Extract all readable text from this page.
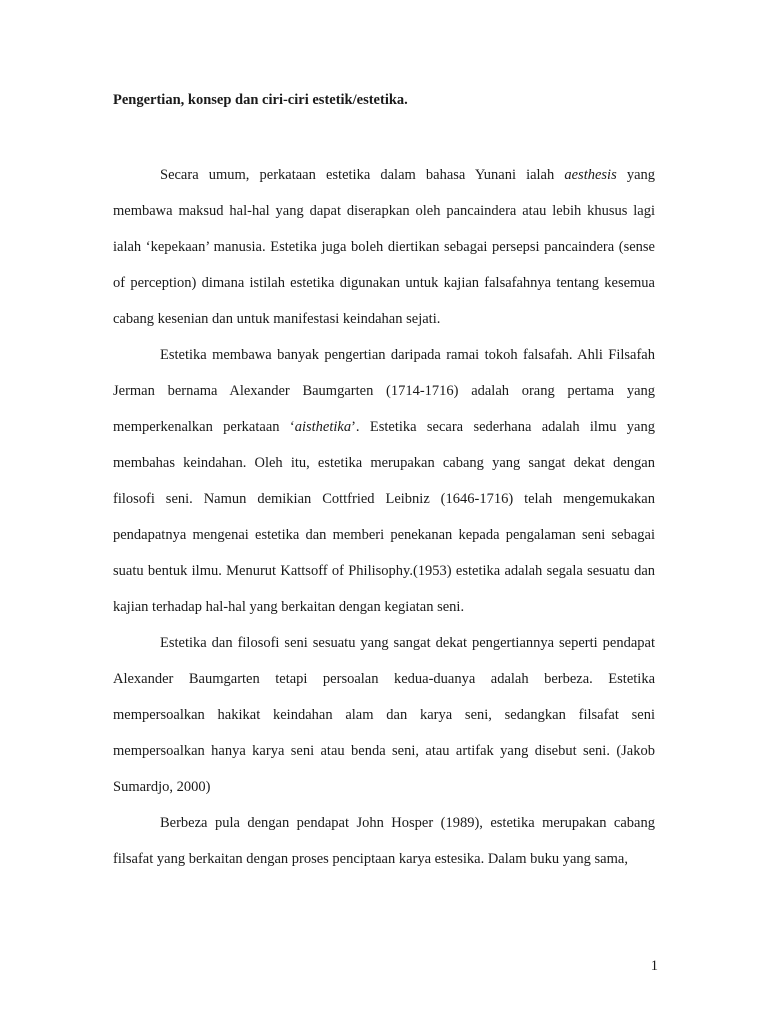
Pengertian, konsep dan ciri-ciri estetik/estetika.

Secara umum, perkataan estetika dalam bahasa Yunani ialah aesthesis yang membawa maksud hal-hal yang dapat diserapkan oleh pancaindera atau lebih khusus lagi ialah ‘kepekaan’ manusia. Estetika juga boleh diertikan sebagai persepsi pancaindera (sense of perception) dimana istilah estetika digunakan untuk kajian falsafahnya tentang kesemua cabang kesenian dan untuk manifestasi keindahan sejati.

Estetika membawa banyak pengertian daripada ramai tokoh falsafah. Ahli Filsafah Jerman bernama Alexander Baumgarten (1714-1716) adalah orang pertama yang memperkenalkan perkataan ‘aisthetika’. Estetika secara sederhana adalah ilmu yang membahas keindahan. Oleh itu, estetika merupakan cabang yang sangat dekat dengan filosofi seni. Namun demikian Cottfried Leibniz (1646-1716) telah mengemukakan pendapatnya mengenai estetika dan memberi penekanan kepada pengalaman seni sebagai suatu bentuk ilmu. Menurut Kattsoff of Philisophy.(1953) estetika adalah segala sesuatu dan kajian terhadap hal-hal yang berkaitan dengan kegiatan seni.

Estetika dan filosofi seni sesuatu yang sangat dekat pengertiannya seperti pendapat Alexander Baumgarten tetapi persoalan kedua-duanya adalah berbeza. Estetika mempersoalkan hakikat keindahan alam dan karya seni, sedangkan filsafat seni mempersoalkan hanya karya seni atau benda seni, atau artifak yang disebut seni. (Jakob Sumardjo, 2000)

Berbeza pula dengan pendapat John Hosper (1989), estetika merupakan cabang filsafat yang berkaitan dengan proses penciptaan karya estesika. Dalam buku yang sama,

1
